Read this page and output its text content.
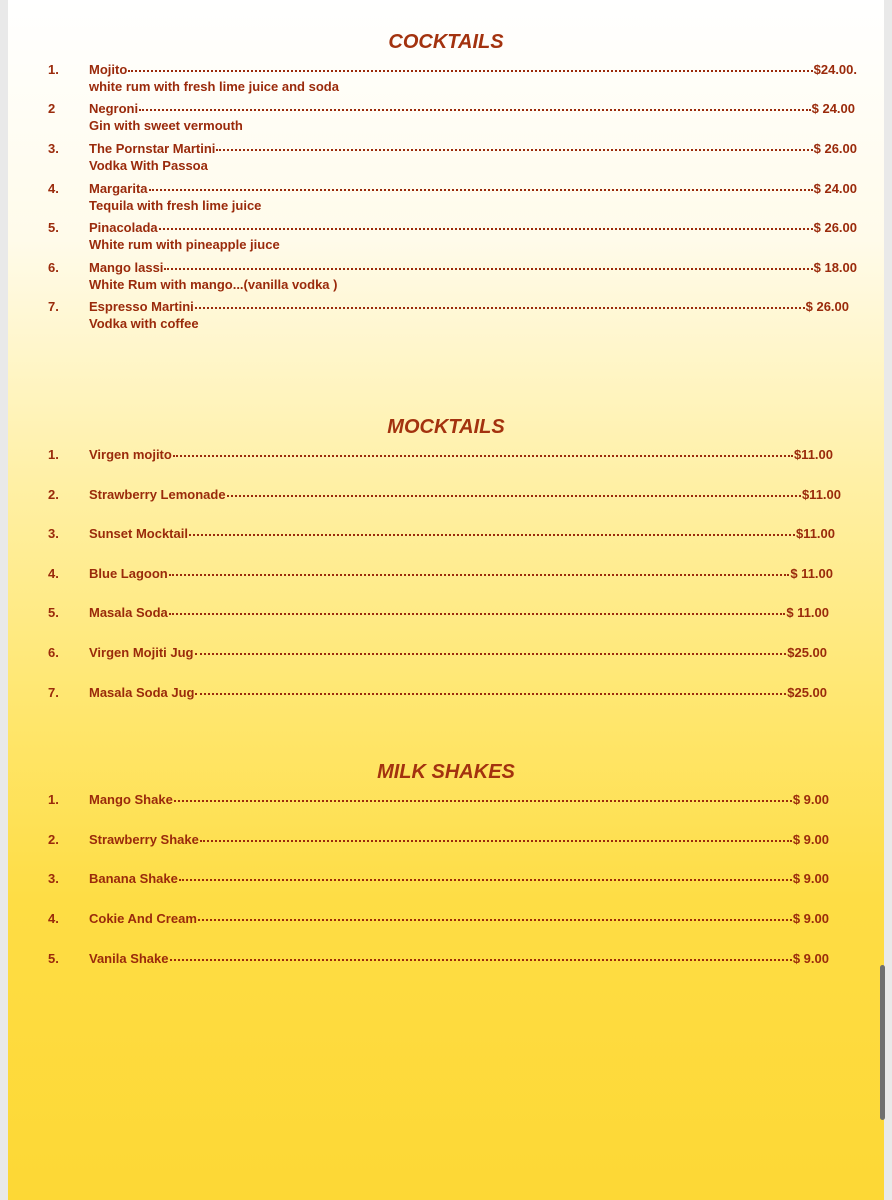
COCKTAILS
1. Mojito	$24.00.
white rum with fresh lime juice and soda
2	Negroni	$ 24.00
Gin with sweet vermouth
3. The Pornstar Martini	$ 26.00
Vodka With Passoa
4. Margarita	$ 24.00
Tequila with fresh lime juice
5. Pinacolada	$ 26.00
White rum with pineapple jiuce
6. Mango lassi	$ 18.00
White Rum with mango...(vanilla vodka )
7. Espresso Martini	$ 26.00
Vodka with coffee
MOCKTAILS
1. Virgen mojito	$11.00
2. Strawberry Lemonade	$11.00
3. Sunset Mocktail	$11.00
4. Blue Lagoon	$ 11.00
5. Masala Soda	$ 11.00
6. Virgen Mojiti Jug	$25.00
7. Masala Soda Jug	$25.00
MILK SHAKES
1. Mango Shake	$ 9.00
2. Strawberry Shake	$ 9.00
3. Banana Shake	$ 9.00
4. Cokie And Cream	$ 9.00
5. Vanila Shake	$ 9.00
